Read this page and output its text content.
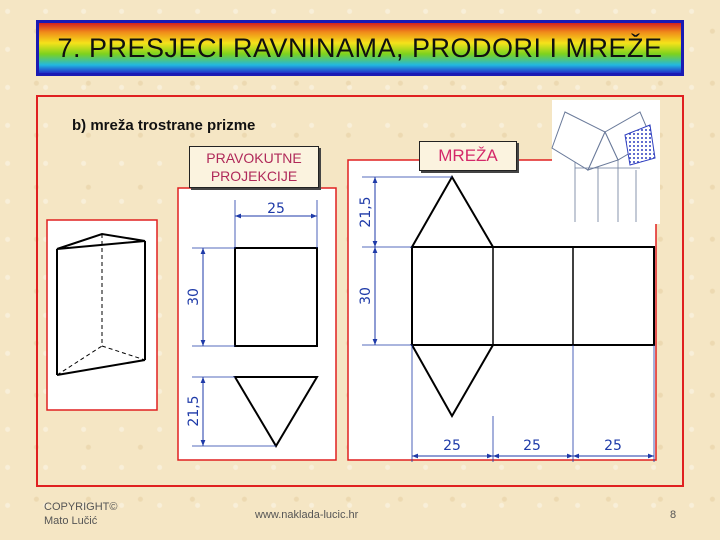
7. PRESJECI RAVNINAMA, PRODORI I MREŽE
b) mreža trostrane prizme
25
30
21,5
21,5
30
25	25	25
PRAVOKUTNE
PROJEKCIJE
MREŽA
COPYRIGHT©
Mato Lučić	www.naklada-lucic.hr	8
